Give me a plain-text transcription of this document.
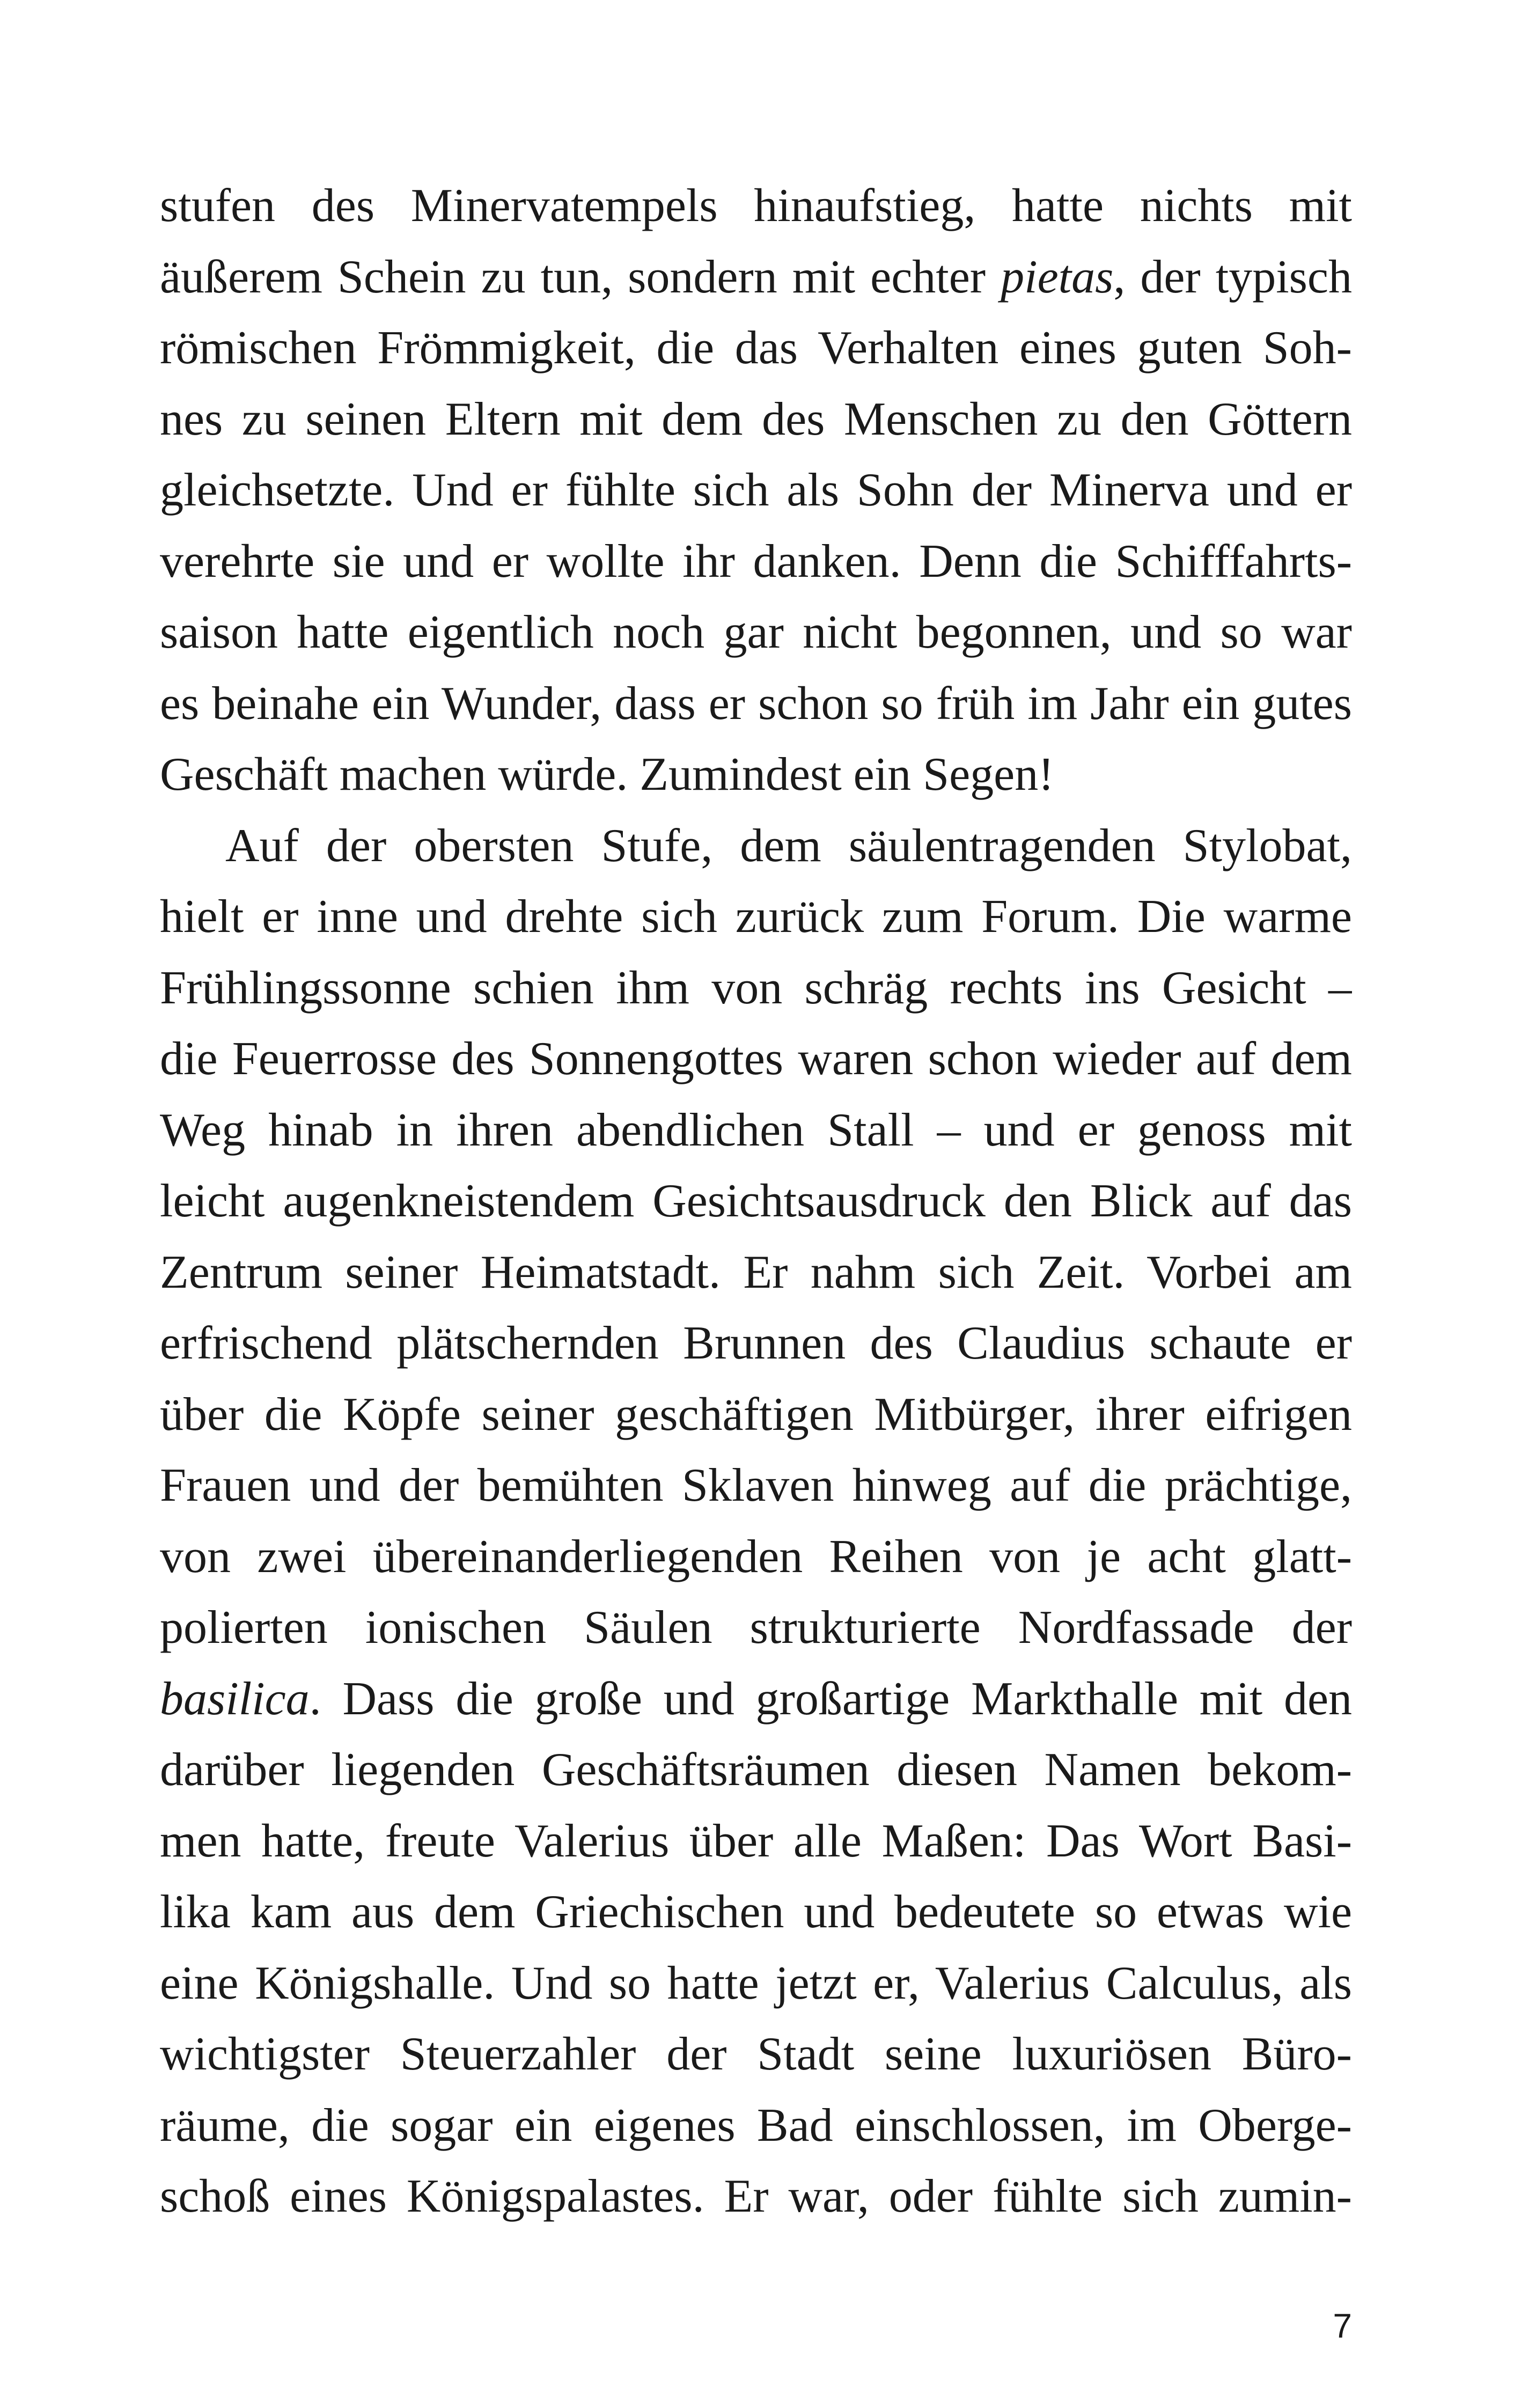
stufen des Minervatempels hinaufstieg, hatte nichts mit
äußerem Schein zu tun, sondern mit echter pietas, der typisch
römischen Frömmigkeit, die das Verhalten eines guten Soh-
nes zu seinen Eltern mit dem des Menschen zu den Göttern
gleichsetzte. Und er fühlte sich als Sohn der Minerva und er
verehrte sie und er wollte ihr danken. Denn die Schifffahrts-
saison hatte eigentlich noch gar nicht begonnen, und so war
es beinahe ein Wunder, dass er schon so früh im Jahr ein gutes
Geschäft machen würde. Zumindest ein Segen!
Auf der obersten Stufe, dem säulentragenden Stylobat,
hielt er inne und drehte sich zurück zum Forum. Die warme
Frühlingssonne schien ihm von schräg rechts ins Gesicht –
die Feuerrosse des Sonnengottes waren schon wieder auf dem
Weg hinab in ihren abendlichen Stall – und er genoss mit
leicht augenkneistendem Gesichtsausdruck den Blick auf das
Zentrum seiner Heimatstadt. Er nahm sich Zeit. Vorbei am
erfrischend plätschernden Brunnen des Claudius schaute er
über die Köpfe seiner geschäftigen Mitbürger, ihrer eifrigen
Frauen und der bemühten Sklaven hinweg auf die prächtige,
von zwei übereinanderliegenden Reihen von je acht glatt-
polierten ionischen Säulen strukturierte Nordfassade der
basilica. Dass die große und großartige Markthalle mit den
darüber liegenden Geschäftsräumen diesen Namen bekom-
men hatte, freute Valerius über alle Maßen: Das Wort Basi-
lika kam aus dem Griechischen und bedeutete so etwas wie
eine Königshalle. Und so hatte jetzt er, Valerius Calculus, als
wichtigster Steuerzahler der Stadt seine luxuriösen Büro-
räume, die sogar ein eigenes Bad einschlossen, im Oberge-
schoß eines Königspalastes. Er war, oder fühlte sich zumin-
7
